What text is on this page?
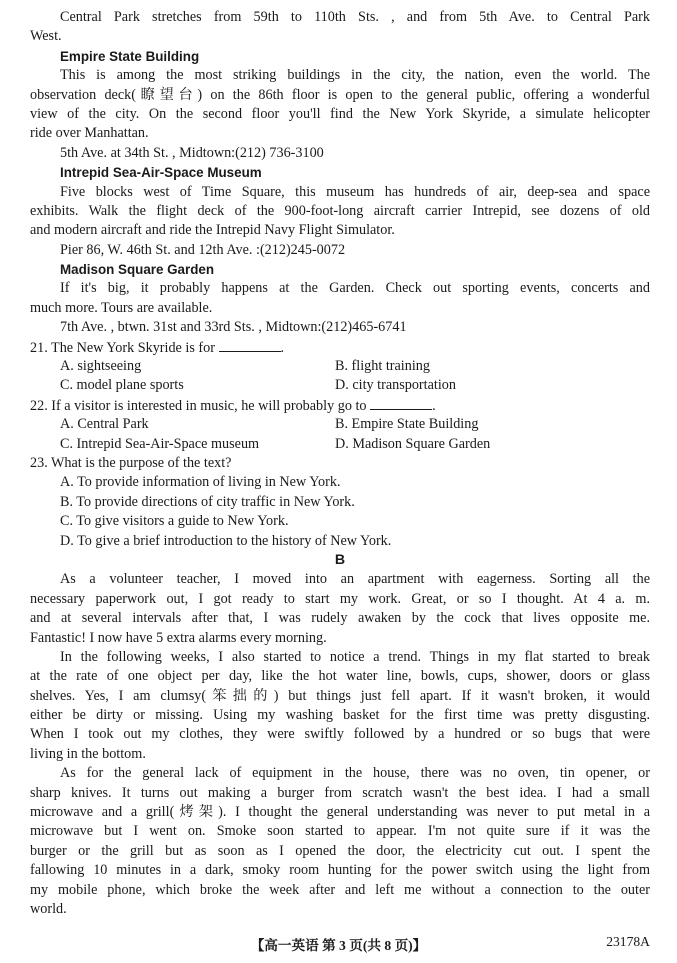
Central Park stretches from 59th to 110th Sts. , and from 5th Ave. to Central Park
West.
Empire State Building
This is among the most striking buildings in the city, the nation, even the world. The
observation deck(瞭望台) on the 86th floor is open to the general public, offering a wonderful
view of the city. On the second floor you'll find the New York Skyride, a simulate helicopter
ride over Manhattan.
5th Ave. at 34th St. , Midtown:(212) 736-3100
Intrepid Sea-Air-Space Museum
Five blocks west of Time Square, this museum has hundreds of air, deep-sea and space
exhibits. Walk the flight deck of the 900-foot-long aircraft carrier Intrepid, see dozens of old
and modern aircraft and ride the Intrepid Navy Flight Simulator.
Pier 86, W. 46th St. and 12th Ave. :(212)245-0072
Madison Square Garden
If it's big, it probably happens at the Garden. Check out sporting events, concerts and
much more. Tours are available.
7th Ave. , btwn. 31st and 33rd Sts. , Midtown:(212)465-6741
21. The New York Skyride is for	.
A. sightseeing	B. flight training
C. model plane sports	D. city transportation
22. If a visitor is interested in music, he will probably go to	.
A. Central Park	B. Empire State Building
C. Intrepid Sea-Air-Space museum	D. Madison Square Garden
23. What is the purpose of the text?
A. To provide information of living in New York.
B. To provide directions of city traffic in New York.
C. To give visitors a guide to New York.
D. To give a brief introduction to the history of New York.
B
As a volunteer teacher, I moved into an apartment with eagerness. Sorting all the
necessary paperwork out, I got ready to start my work. Great, or so I thought. At 4 a. m.
and at several intervals after that, I was rudely awaken by the cock that lives opposite me.
Fantastic! I now have 5 extra alarms every morning.
In the following weeks, I also started to notice a trend. Things in my flat started to break
at the rate of one object per day, like the hot water line, bowls, cups, shower, doors or glass
shelves. Yes, I am clumsy(笨拙的) but things just fell apart. If it wasn't broken, it would
either be dirty or missing. Using my washing basket for the first time was pretty disgusting.
When I took out my clothes, they were swiftly followed by a hundred or so bugs that were
living in the bottom.
As for the general lack of equipment in the house, there was no oven, tin opener, or
sharp knives. It turns out making a burger from scratch wasn't the best idea. I had a small
microwave and a grill(烤架). I thought the general understanding was never to put metal in a
microwave but I went on. Smoke soon started to appear. I'm not quite sure if it was the
burger or the grill but as soon as I opened the door, the electricity cut out. I spent the
fallowing 10 minutes in a dark, smoky room hunting for the power switch using the light from
my mobile phone, which broke the week after and left me without a connection to the outer
world.
【高一英语 第 3 页(共 8 页)】	23178A
